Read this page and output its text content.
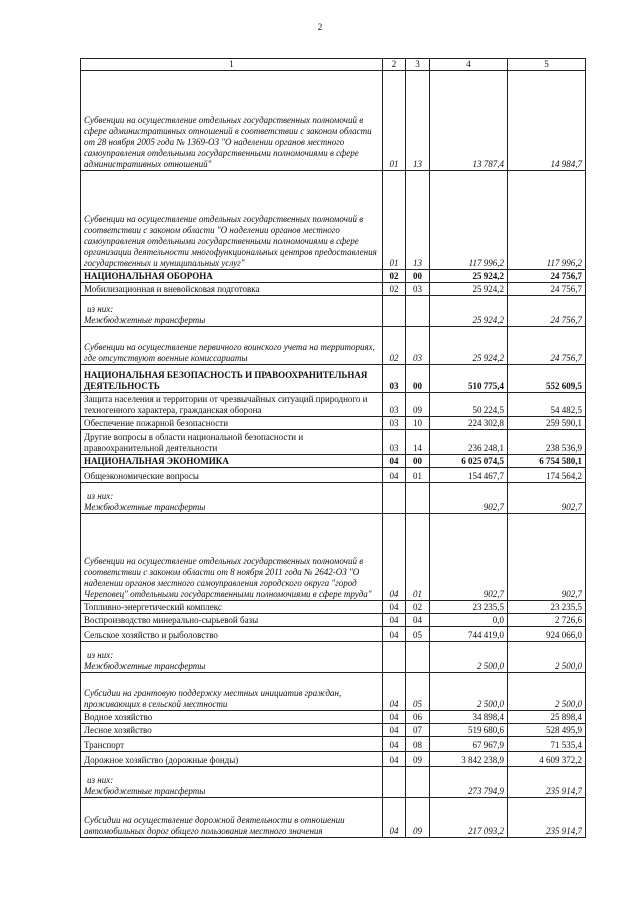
2
1	2	3	4	5

Субвенции на осуществление отдельных государственных полномочий в сфере административных отношений в соответствии с законом области от 28 ноября 2005 года № 1369-ОЗ "О наделении органов местного самоуправления отдельными государственными полномочиями в сфере административных отношений"	01	13	13 787,4	14 984,7

Субвенции на осуществление отдельных государственных полномочий в соответствии с законом области "О наделении органов местного самоуправления отдельными государственными полномочиями в сфере организации деятельности многофункциональных центров предоставления государственных и муниципальных услуг"	01	13	117 996,2	117 996,2

НАЦИОНАЛЬНАЯ ОБОРОНА	02	00	25 924,2	24 756,7

Мобилизационная и вневойсковая подготовка	02	03	25 924,2	24 756,7

из них:
Межбюджетные трансферты			25 924,2	24 756,7

Субвенции на осуществление первичного воинского учета на территориях, где отсутствуют военные комиссариаты	02	03	25 924,2	24 756,7

НАЦИОНАЛЬНАЯ БЕЗОПАСНОСТЬ И ПРАВООХРАНИТЕЛЬНАЯ ДЕЯТЕЛЬНОСТЬ	03	00	510 775,4	552 609,5

Защита населения и территории от чрезвычайных ситуаций природного и техногенного характера, гражданская оборона	03	09	50 224,5	54 482,5

Обеспечение пожарной безопасности	03	10	224 302,8	259 590,1

Другие вопросы в области национальной безопасности и правоохранительной деятельности	03	14	236 248,1	238 536,9

НАЦИОНАЛЬНАЯ ЭКОНОМИКА	04	00	6 025 074,5	6 754 580,1

Общеэкономические вопросы	04	01	154 467,7	174 564,2

из них:
Межбюджетные трансферты			902,7	902,7

Субвенции на осуществление отдельных государственных полномочий в соответствии с законом области от 8 ноября 2011 года № 2642-ОЗ "О наделении органов местного самоуправления городского округа "город Череповец" отдельными государственными полномочиями в сфере труда"	04	01	902,7	902,7

Топливно-энергетический комплекс	04	02	23 235,5	23 235,5

Воспроизводство минерально-сырьевой базы	04	04	0,0	2 726,6

Сельское хозяйство и рыболовство	04	05	744 419,0	924 066,0

из них:
Межбюджетные трансферты			2 500,0	2 500,0

Субсидии на грантовую поддержку местных инициатив граждан, проживающих в сельской местности	04	05	2 500,0	2 500,0

Водное хозяйство	04	06	34 898,4	25 898,4

Лесное хозяйство	04	07	519 680,6	528 495,9

Транспорт	04	08	67 967,9	71 535,4

Дорожное хозяйство (дорожные фонды)	04	09	3 842 238,9	4 609 372,2

из них:
Межбюджетные трансферты			273 794,9	235 914,7

Субсидии на осуществление дорожной деятельности в отношении автомобильных дорог общего пользования местного значения	04	09	217 093,2	235 914,7
